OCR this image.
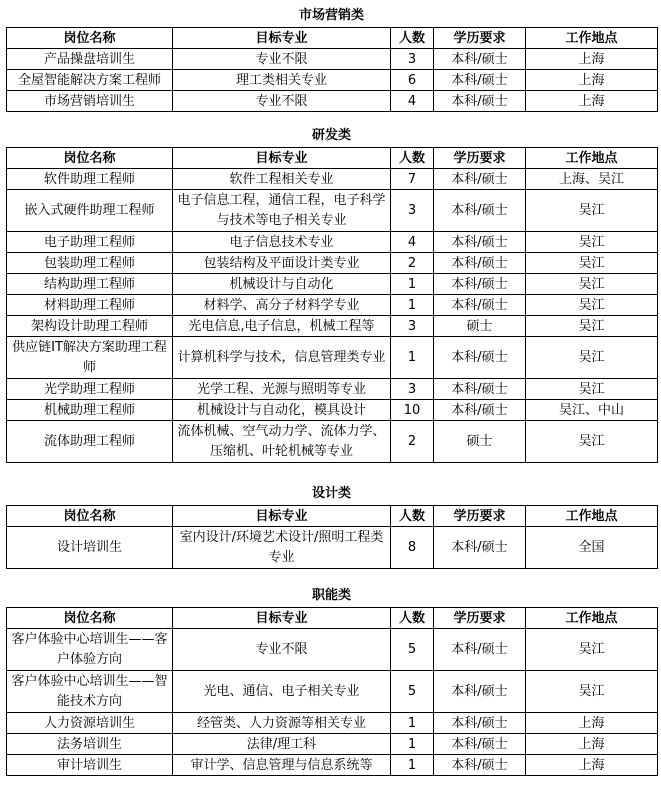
市场营销类
岗位名称	目标专业	人数	学历要求	工作地点
产品操盘培训生	专业不限	3	本科/硕士	上海
全屋智能解决方案工程师	理工类相关专业	6	本科/硕士	上海
市场营销培训生	专业不限	4	本科/硕士	上海
研发类
岗位名称	目标专业	人数	学历要求	工作地点
软件助理工程师	软件工程相关专业	7	本科/硕士	上海、吴江
嵌入式硬件助理工程师	电子信息工程，通信工程，电子科学与技术等电子相关专业	3	本科/硕士	吴江
电子助理工程师	电子信息技术专业	4	本科/硕士	吴江
包装助理工程师	包装结构及平面设计类专业	2	本科/硕士	吴江
结构助理工程师	机械设计与自动化	1	本科/硕士	吴江
材料助理工程师	材料学、高分子材料学专业	1	本科/硕士	吴江
架构设计助理工程师	光电信息,电子信息，机械工程等	3	硕士	吴江
供应链IT解决方案助理工程师	计算机科学与技术，信息管理类专业	1	本科/硕士	吴江
光学助理工程师	光学工程、光源与照明等专业	3	本科/硕士	吴江
机械助理工程师	机械设计与自动化，模具设计	10	本科/硕士	吴江、中山
流体助理工程师	流体机械、空气动力学、流体力学、压缩机、叶轮机械等专业	2	硕士	吴江
设计类
岗位名称	目标专业	人数	学历要求	工作地点
设计培训生	室内设计/环境艺术设计/照明工程类专业	8	本科/硕士	全国
职能类
岗位名称	目标专业	人数	学历要求	工作地点
客户体验中心培训生——客户体验方向	专业不限	5	本科/硕士	吴江
客户体验中心培训生——智能技术方向	光电、通信、电子相关专业	5	本科/硕士	吴江
人力资源培训生	经管类、人力资源等相关专业	1	本科/硕士	上海
法务培训生	法律/理工科	1	本科/硕士	上海
审计培训生	审计学、信息管理与信息系统等	1	本科/硕士	上海
